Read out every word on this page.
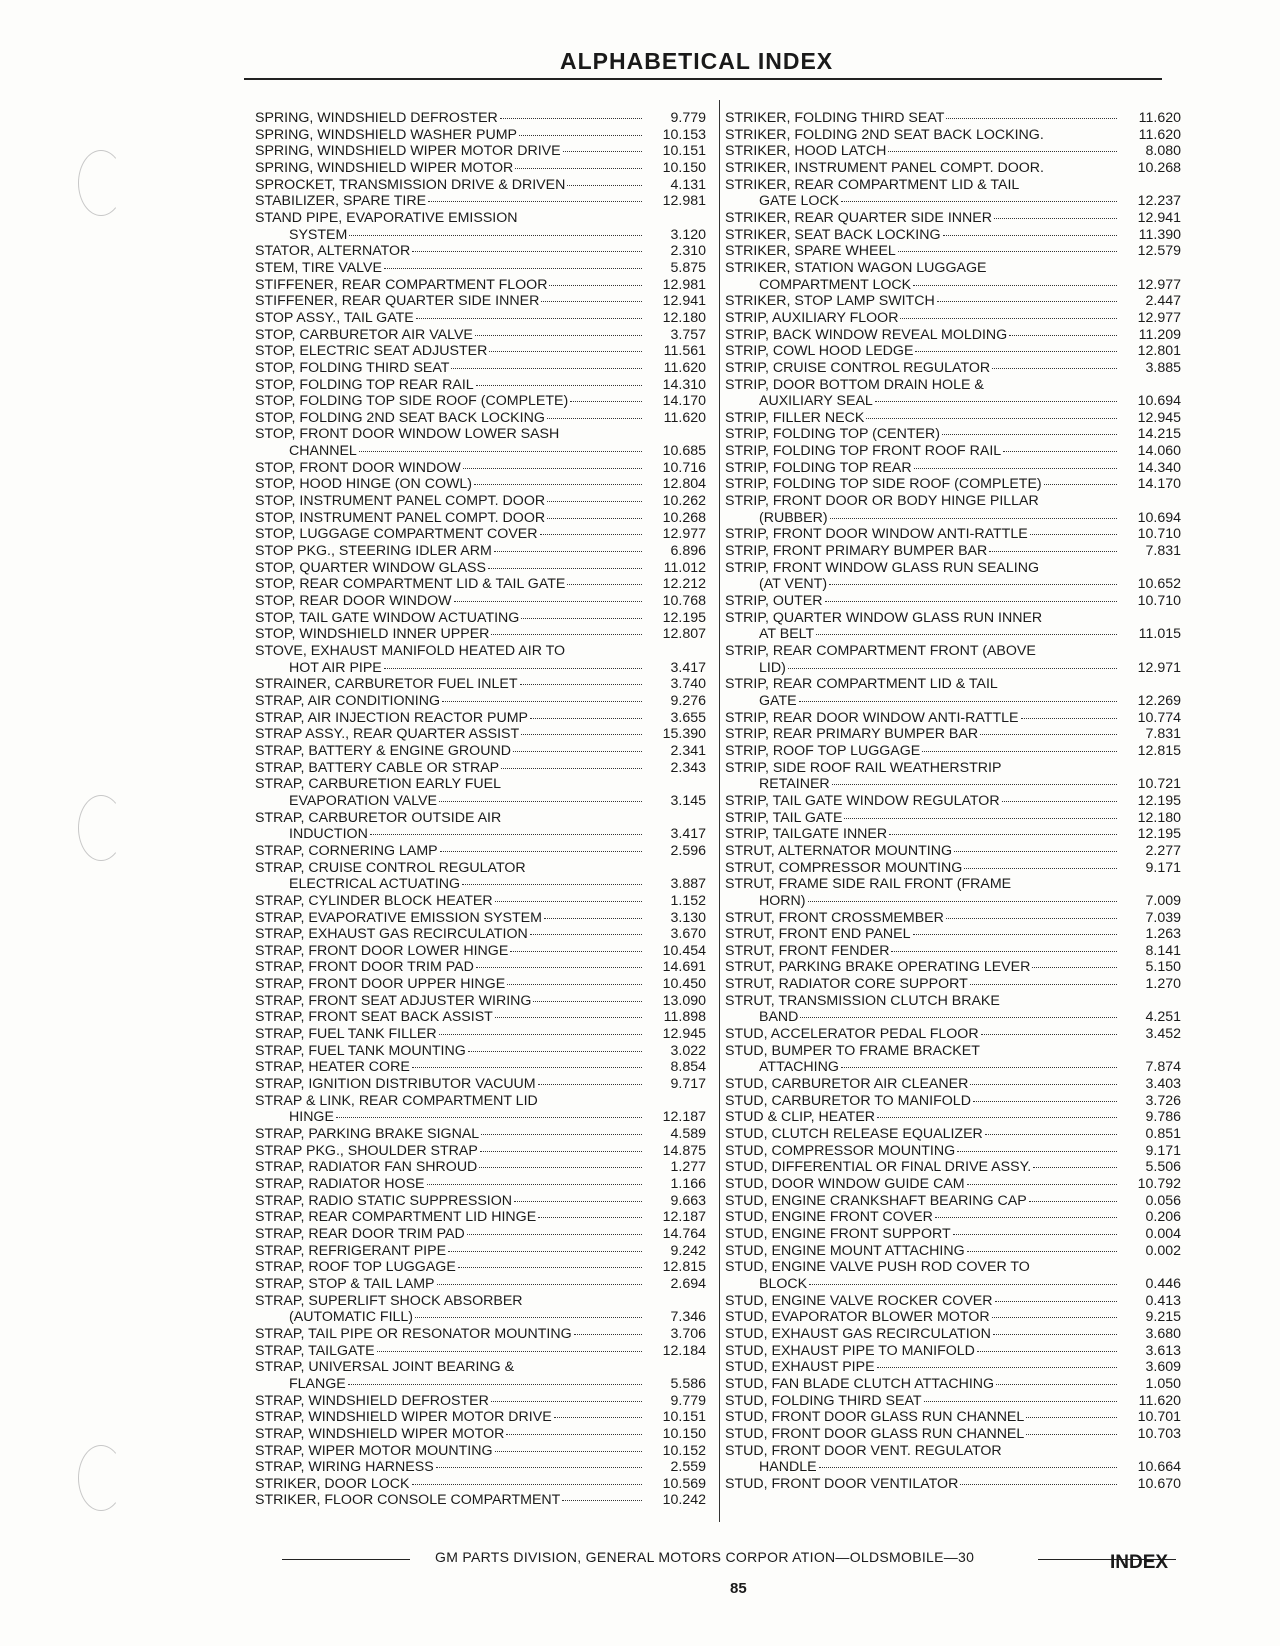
ALPHABETICAL INDEX
SPRING, WINDSHIELD DEFROSTER	9.779
SPRING, WINDSHIELD WASHER PUMP	10.153
SPRING, WINDSHIELD WIPER MOTOR DRIVE	10.151
SPRING, WINDSHIELD WIPER MOTOR	10.150
SPROCKET, TRANSMISSION DRIVE & DRIVEN	4.131
STABILIZER, SPARE TIRE	12.981
STAND PIPE, EVAPORATIVE EMISSION
SYSTEM	3.120
STATOR, ALTERNATOR	2.310
STEM, TIRE VALVE	5.875
STIFFENER, REAR COMPARTMENT FLOOR	12.981
STIFFENER, REAR QUARTER SIDE INNER	12.941
STOP ASSY., TAIL GATE	12.180
STOP, CARBURETOR AIR VALVE	3.757
STOP, ELECTRIC SEAT ADJUSTER	11.561
STOP, FOLDING THIRD SEAT	11.620
STOP, FOLDING TOP REAR RAIL	14.310
STOP, FOLDING TOP SIDE ROOF (COMPLETE)	14.170
STOP, FOLDING 2ND SEAT BACK LOCKING	11.620
STOP, FRONT DOOR WINDOW LOWER SASH
CHANNEL	10.685
STOP, FRONT DOOR WINDOW	10.716
STOP, HOOD HINGE (ON COWL)	12.804
STOP, INSTRUMENT PANEL COMPT. DOOR	10.262
STOP, INSTRUMENT PANEL COMPT. DOOR	10.268
STOP, LUGGAGE COMPARTMENT COVER	12.977
STOP PKG., STEERING IDLER ARM	6.896
STOP, QUARTER WINDOW GLASS	11.012
STOP, REAR COMPARTMENT LID & TAIL GATE	12.212
STOP, REAR DOOR WINDOW	10.768
STOP, TAIL GATE WINDOW ACTUATING	12.195
STOP, WINDSHIELD INNER UPPER	12.807
STOVE, EXHAUST MANIFOLD HEATED AIR TO
HOT AIR PIPE	3.417
STRAINER, CARBURETOR FUEL INLET	3.740
STRAP, AIR CONDITIONING	9.276
STRAP, AIR INJECTION REACTOR PUMP	3.655
STRAP ASSY., REAR QUARTER ASSIST	15.390
STRAP, BATTERY & ENGINE GROUND	2.341
STRAP, BATTERY CABLE OR STRAP	2.343
STRAP, CARBURETION EARLY FUEL
EVAPORATION VALVE	3.145
STRAP, CARBURETOR OUTSIDE AIR
INDUCTION	3.417
STRAP, CORNERING LAMP	2.596
STRAP, CRUISE CONTROL REGULATOR
ELECTRICAL ACTUATING	3.887
STRAP, CYLINDER BLOCK HEATER	1.152
STRAP, EVAPORATIVE EMISSION SYSTEM	3.130
STRAP, EXHAUST GAS RECIRCULATION	3.670
STRAP, FRONT DOOR LOWER HINGE	10.454
STRAP, FRONT DOOR TRIM PAD	14.691
STRAP, FRONT DOOR UPPER HINGE	10.450
STRAP, FRONT SEAT ADJUSTER WIRING	13.090
STRAP, FRONT SEAT BACK ASSIST	11.898
STRAP, FUEL TANK FILLER	12.945
STRAP, FUEL TANK MOUNTING	3.022
STRAP, HEATER CORE	8.854
STRAP, IGNITION DISTRIBUTOR VACUUM	9.717
STRAP & LINK, REAR COMPARTMENT LID
HINGE	12.187
STRAP, PARKING BRAKE SIGNAL	4.589
STRAP PKG., SHOULDER STRAP	14.875
STRAP, RADIATOR FAN SHROUD	1.277
STRAP, RADIATOR HOSE	1.166
STRAP, RADIO STATIC SUPPRESSION	9.663
STRAP, REAR COMPARTMENT LID HINGE	12.187
STRAP, REAR DOOR TRIM PAD	14.764
STRAP, REFRIGERANT PIPE	9.242
STRAP, ROOF TOP LUGGAGE	12.815
STRAP, STOP & TAIL LAMP	2.694
STRAP, SUPERLIFT SHOCK ABSORBER
(AUTOMATIC FILL)	7.346
STRAP, TAIL PIPE OR RESONATOR MOUNTING	3.706
STRAP, TAILGATE	12.184
STRAP, UNIVERSAL JOINT BEARING &
FLANGE	5.586
STRAP, WINDSHIELD DEFROSTER	9.779
STRAP, WINDSHIELD WIPER MOTOR DRIVE	10.151
STRAP, WINDSHIELD WIPER MOTOR	10.150
STRAP, WIPER MOTOR MOUNTING	10.152
STRAP, WIRING HARNESS	2.559
STRIKER, DOOR LOCK	10.569
STRIKER, FLOOR CONSOLE COMPARTMENT	10.242
STRIKER, FOLDING THIRD SEAT	11.620
STRIKER, FOLDING 2ND SEAT BACK LOCKING.	11.620
STRIKER, HOOD LATCH	8.080
STRIKER, INSTRUMENT PANEL COMPT. DOOR.	10.268
STRIKER, REAR COMPARTMENT LID & TAIL
GATE LOCK	12.237
STRIKER, REAR QUARTER SIDE INNER	12.941
STRIKER, SEAT BACK LOCKING	11.390
STRIKER, SPARE WHEEL	12.579
STRIKER, STATION WAGON LUGGAGE
COMPARTMENT LOCK	12.977
STRIKER, STOP LAMP SWITCH	2.447
STRIP, AUXILIARY FLOOR	12.977
STRIP, BACK WINDOW REVEAL MOLDING	11.209
STRIP, COWL HOOD LEDGE	12.801
STRIP, CRUISE CONTROL REGULATOR	3.885
STRIP, DOOR BOTTOM DRAIN HOLE &
AUXILIARY SEAL	10.694
STRIP, FILLER NECK	12.945
STRIP, FOLDING TOP (CENTER)	14.215
STRIP, FOLDING TOP FRONT ROOF RAIL	14.060
STRIP, FOLDING TOP REAR	14.340
STRIP, FOLDING TOP SIDE ROOF (COMPLETE)	14.170
STRIP, FRONT DOOR OR BODY HINGE PILLAR
(RUBBER)	10.694
STRIP, FRONT DOOR WINDOW ANTI-RATTLE	10.710
STRIP, FRONT PRIMARY BUMPER BAR	7.831
STRIP, FRONT WINDOW GLASS RUN SEALING
(AT VENT)	10.652
STRIP, OUTER	10.710
STRIP, QUARTER WINDOW GLASS RUN INNER
AT BELT	11.015
STRIP, REAR COMPARTMENT FRONT (ABOVE
LID)	12.971
STRIP, REAR COMPARTMENT LID & TAIL
GATE	12.269
STRIP, REAR DOOR WINDOW ANTI-RATTLE	10.774
STRIP, REAR PRIMARY BUMPER BAR	7.831
STRIP, ROOF TOP LUGGAGE	12.815
STRIP, SIDE ROOF RAIL WEATHERSTRIP
RETAINER	10.721
STRIP, TAIL GATE WINDOW REGULATOR	12.195
STRIP, TAIL GATE	12.180
STRIP, TAILGATE INNER	12.195
STRUT, ALTERNATOR MOUNTING	2.277
STRUT, COMPRESSOR MOUNTING	9.171
STRUT, FRAME SIDE RAIL FRONT (FRAME
HORN)	7.009
STRUT, FRONT CROSSMEMBER	7.039
STRUT, FRONT END PANEL	1.263
STRUT, FRONT FENDER	8.141
STRUT, PARKING BRAKE OPERATING LEVER	5.150
STRUT, RADIATOR CORE SUPPORT	1.270
STRUT, TRANSMISSION CLUTCH BRAKE
BAND	4.251
STUD, ACCELERATOR PEDAL FLOOR	3.452
STUD, BUMPER TO FRAME BRACKET
ATTACHING	7.874
STUD, CARBURETOR AIR CLEANER	3.403
STUD, CARBURETOR TO MANIFOLD	3.726
STUD & CLIP, HEATER	9.786
STUD, CLUTCH RELEASE EQUALIZER	0.851
STUD, COMPRESSOR MOUNTING	9.171
STUD, DIFFERENTIAL OR FINAL DRIVE ASSY.	5.506
STUD, DOOR WINDOW GUIDE CAM	10.792
STUD, ENGINE CRANKSHAFT BEARING CAP	0.056
STUD, ENGINE FRONT COVER	0.206
STUD, ENGINE FRONT SUPPORT	0.004
STUD, ENGINE MOUNT ATTACHING	0.002
STUD, ENGINE VALVE PUSH ROD COVER TO
BLOCK	0.446
STUD, ENGINE VALVE ROCKER COVER	0.413
STUD, EVAPORATOR BLOWER MOTOR	9.215
STUD, EXHAUST GAS RECIRCULATION	3.680
STUD, EXHAUST PIPE TO MANIFOLD	3.613
STUD, EXHAUST PIPE	3.609
STUD, FAN BLADE CLUTCH ATTACHING	1.050
STUD, FOLDING THIRD SEAT	11.620
STUD, FRONT DOOR GLASS RUN CHANNEL	10.701
STUD, FRONT DOOR GLASS RUN CHANNEL	10.703
STUD, FRONT DOOR VENT. REGULATOR
HANDLE	10.664
STUD, FRONT DOOR VENTILATOR	10.670
GM PARTS DIVISION, GENERAL MOTORS CORPOR ATION—OLDSMOBILE—30	INDEX
85
